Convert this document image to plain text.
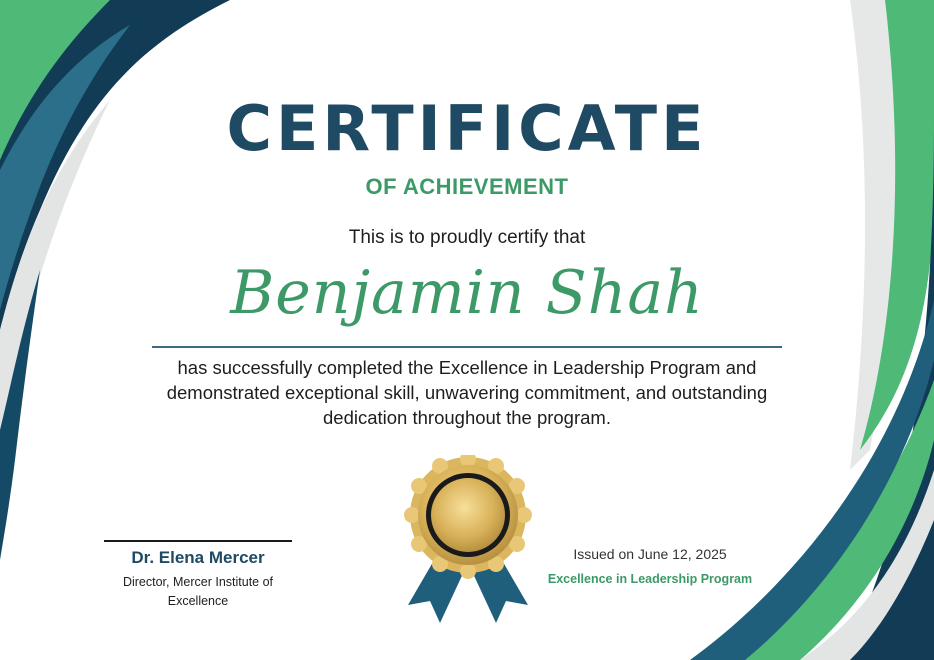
CERTIFICATE
OF ACHIEVEMENT
This is to proudly certify that
Benjamin Shah
has successfully completed the Excellence in Leadership Program and
demonstrated exceptional skill, unwavering commitment, and outstanding
dedication throughout the program.
Dr. Elena Mercer
Director, Mercer Institute of
Excellence
Issued on June 12, 2025
Excellence in Leadership Program
